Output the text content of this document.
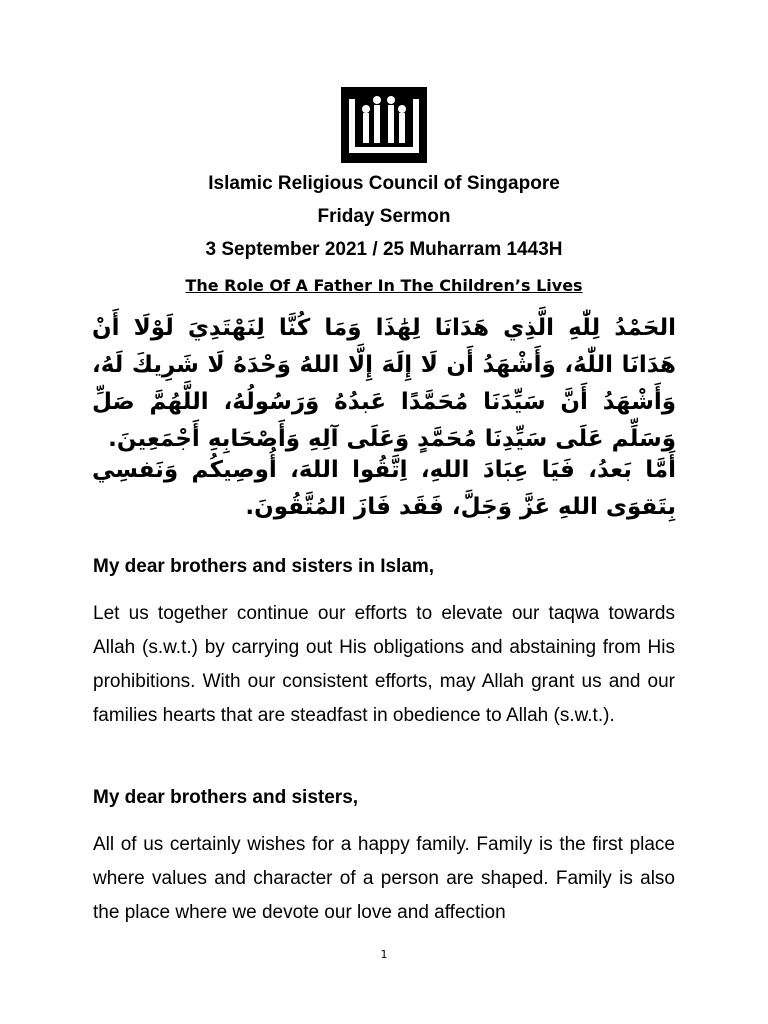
Islamic Religious Council of Singapore
Friday Sermon
3 September 2021 / 25 Muharram 1443H
The Role Of A Father In The Children’s Lives
الحَمْدُ لِلّٰهِ الَّذِي هَدَانَا لِهَٰذَا وَمَا كُنَّا لِنَهْتَدِيَ لَوْلَا أَنْ هَدَانَا اللّٰهُ، وَأَشْهَدُ أَن لَا إِلَهَ إِلَّا اللهُ وَحْدَهُ لَا شَرِيكَ لَهُ، وَأَشْهَدُ أَنَّ سَيِّدَنَا مُحَمَّدًا عَبدُهُ وَرَسُولُهُ، اللَّهُمَّ صَلِّ وَسَلِّم عَلَى سَيِّدِنَا مُحَمَّدٍ وَعَلَى آلِهِ وَأَصْحَابِهِ أَجْمَعِينَ.
أَمَّا بَعدُ، فَيَا عِبَادَ اللهِ، اِتَّقُوا اللهَ، أُوصِيكُم وَنَفسِي بِتَقوَى اللهِ عَزَّ وَجَلَّ، فَقَد فَازَ المُتَّقُونَ.
My dear brothers and sisters in Islam,
Let us together continue our efforts to elevate our taqwa towards Allah (s.w.t.) by carrying out His obligations and abstaining from His prohibitions. With our consistent efforts, may Allah grant us and our families hearts that are steadfast in obedience to Allah (s.w.t.).
My dear brothers and sisters,
All of us certainly wishes for a happy family. Family is the first place where values and character of a person are shaped. Family is also the place where we devote our love and affection
1
